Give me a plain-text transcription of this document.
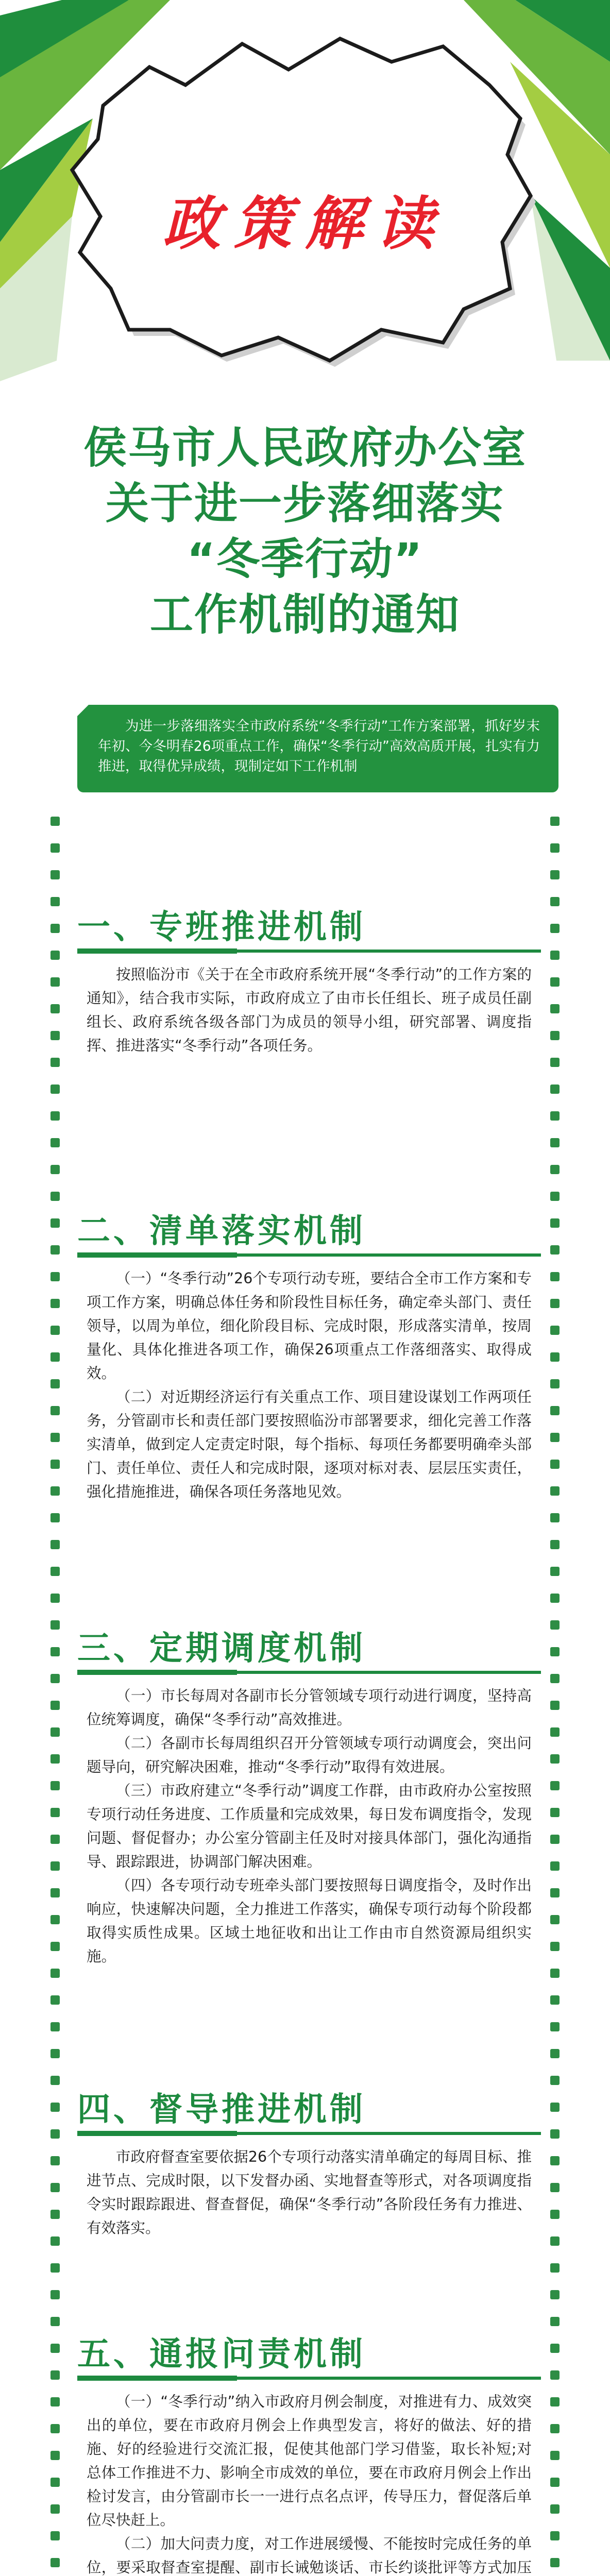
政策解读
侯马市人民政府办公室
关于进一步落细落实
“冬季行动”
工作机制的通知
为进一步落细落实全市政府系统“冬季行动”工作方案部署，抓好岁末年初、今冬明春26项重点工作，确保“冬季行动”高效高质开展，扎实有力推进，取得优异成绩，现制定如下工作机制
一、专班推进机制

按照临汾市《关于在全市政府系统开展“冬季行动”的工作方案的通知》，结合我市实际，市政府成立了由市长任组长、班子成员任副组长、政府系统各级各部门为成员的领导小组，研究部署、调度指挥、推进落实“冬季行动”各项任务。

二、清单落实机制

（一）“冬季行动”26个专项行动专班，要结合全市工作方案和专项工作方案，明确总体任务和阶段性目标任务，确定牵头部门、责任领导，以周为单位，细化阶段目标、完成时限，形成落实清单，按周量化、具体化推进各项工作，确保26项重点工作落细落实、取得成效。

（二）对近期经济运行有关重点工作、项目建设谋划工作两项任务，分管副市长和责任部门要按照临汾市部署要求，细化完善工作落实清单，做到定人定责定时限，每个指标、每项任务都要明确牵头部门、责任单位、责任人和完成时限，逐项对标对表、层层压实责任，强化措施推进，确保各项任务落地见效。

三、定期调度机制

（一）市长每周对各副市长分管领域专项行动进行调度，坚持高位统筹调度，确保“冬季行动”高效推进。

（二）各副市长每周组织召开分管领域专项行动调度会，突出问题导向，研究解决困难，推动“冬季行动”取得有效进展。

（三）市政府建立“冬季行动”调度工作群，由市政府办公室按照专项行动任务进度、工作质量和完成效果，每日发布调度指令，发现问题、督促督办；办公室分管副主任及时对接具体部门，强化沟通指导、跟踪跟进，协调部门解决困难。

（四）各专项行动专班牵头部门要按照每日调度指令，及时作出响应，快速解决问题，全力推进工作落实，确保专项行动每个阶段都取得实质性成果。区域土地征收和出让工作由市自然资源局组织实施。

四、督导推进机制

市政府督查室要依据26个专项行动落实清单确定的每周目标、推进节点、完成时限，以下发督办函、实地督查等形式，对各项调度指令实时跟踪跟进、督查督促，确保“冬季行动”各阶段任务有力推进、有效落实。

五、通报问责机制

（一）“冬季行动”纳入市政府月例会制度，对推进有力、成效突出的单位，要在市政府月例会上作典型发言，将好的做法、好的措施、好的经验进行交流汇报，促使其他部门学习借鉴，取长补短;对总体工作推进不力、影响全市成效的单位，要在市政府月例会上作出检讨发言，由分管副市长一一进行点名点评，传导压力，督促落后单位尽快赶上。

（二）加大问责力度，对工作进展缓慢、不能按时完成任务的单位，要采取督查室提醒、副市长诫勉谈话、市长约谈批评等方式加压
